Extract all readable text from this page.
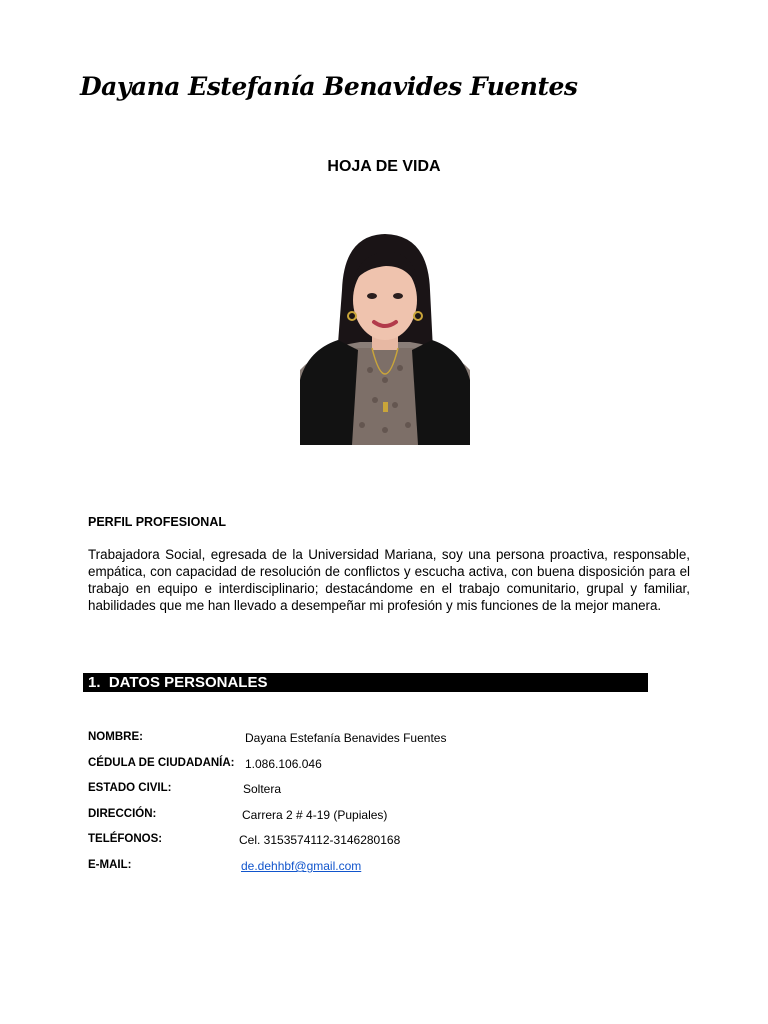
Dayana Estefanía Benavides Fuentes
HOJA DE VIDA
PERFIL PROFESIONAL
Trabajadora Social, egresada de la Universidad Mariana, soy una persona proactiva, responsable, empática, con capacidad de resolución de conflictos y escucha activa, con buena disposición para el trabajo en equipo e interdisciplinario; destacándome en el trabajo comunitario, grupal y familiar, habilidades que me han llevado a desempeñar mi profesión y mis funciones de la mejor manera.
1.  DATOS PERSONALES
NOMBRE:	Dayana Estefanía Benavides Fuentes
CÉDULA DE CIUDADANÍA: 1.086.106.046
ESTADO CIVIL:	Soltera
DIRECCIÓN:	Carrera 2 # 4-19 (Pupiales)
TELÉFONOS:	Cel. 3153574112-3146280168
E-MAIL:	de.dehhbf@gmail.com
